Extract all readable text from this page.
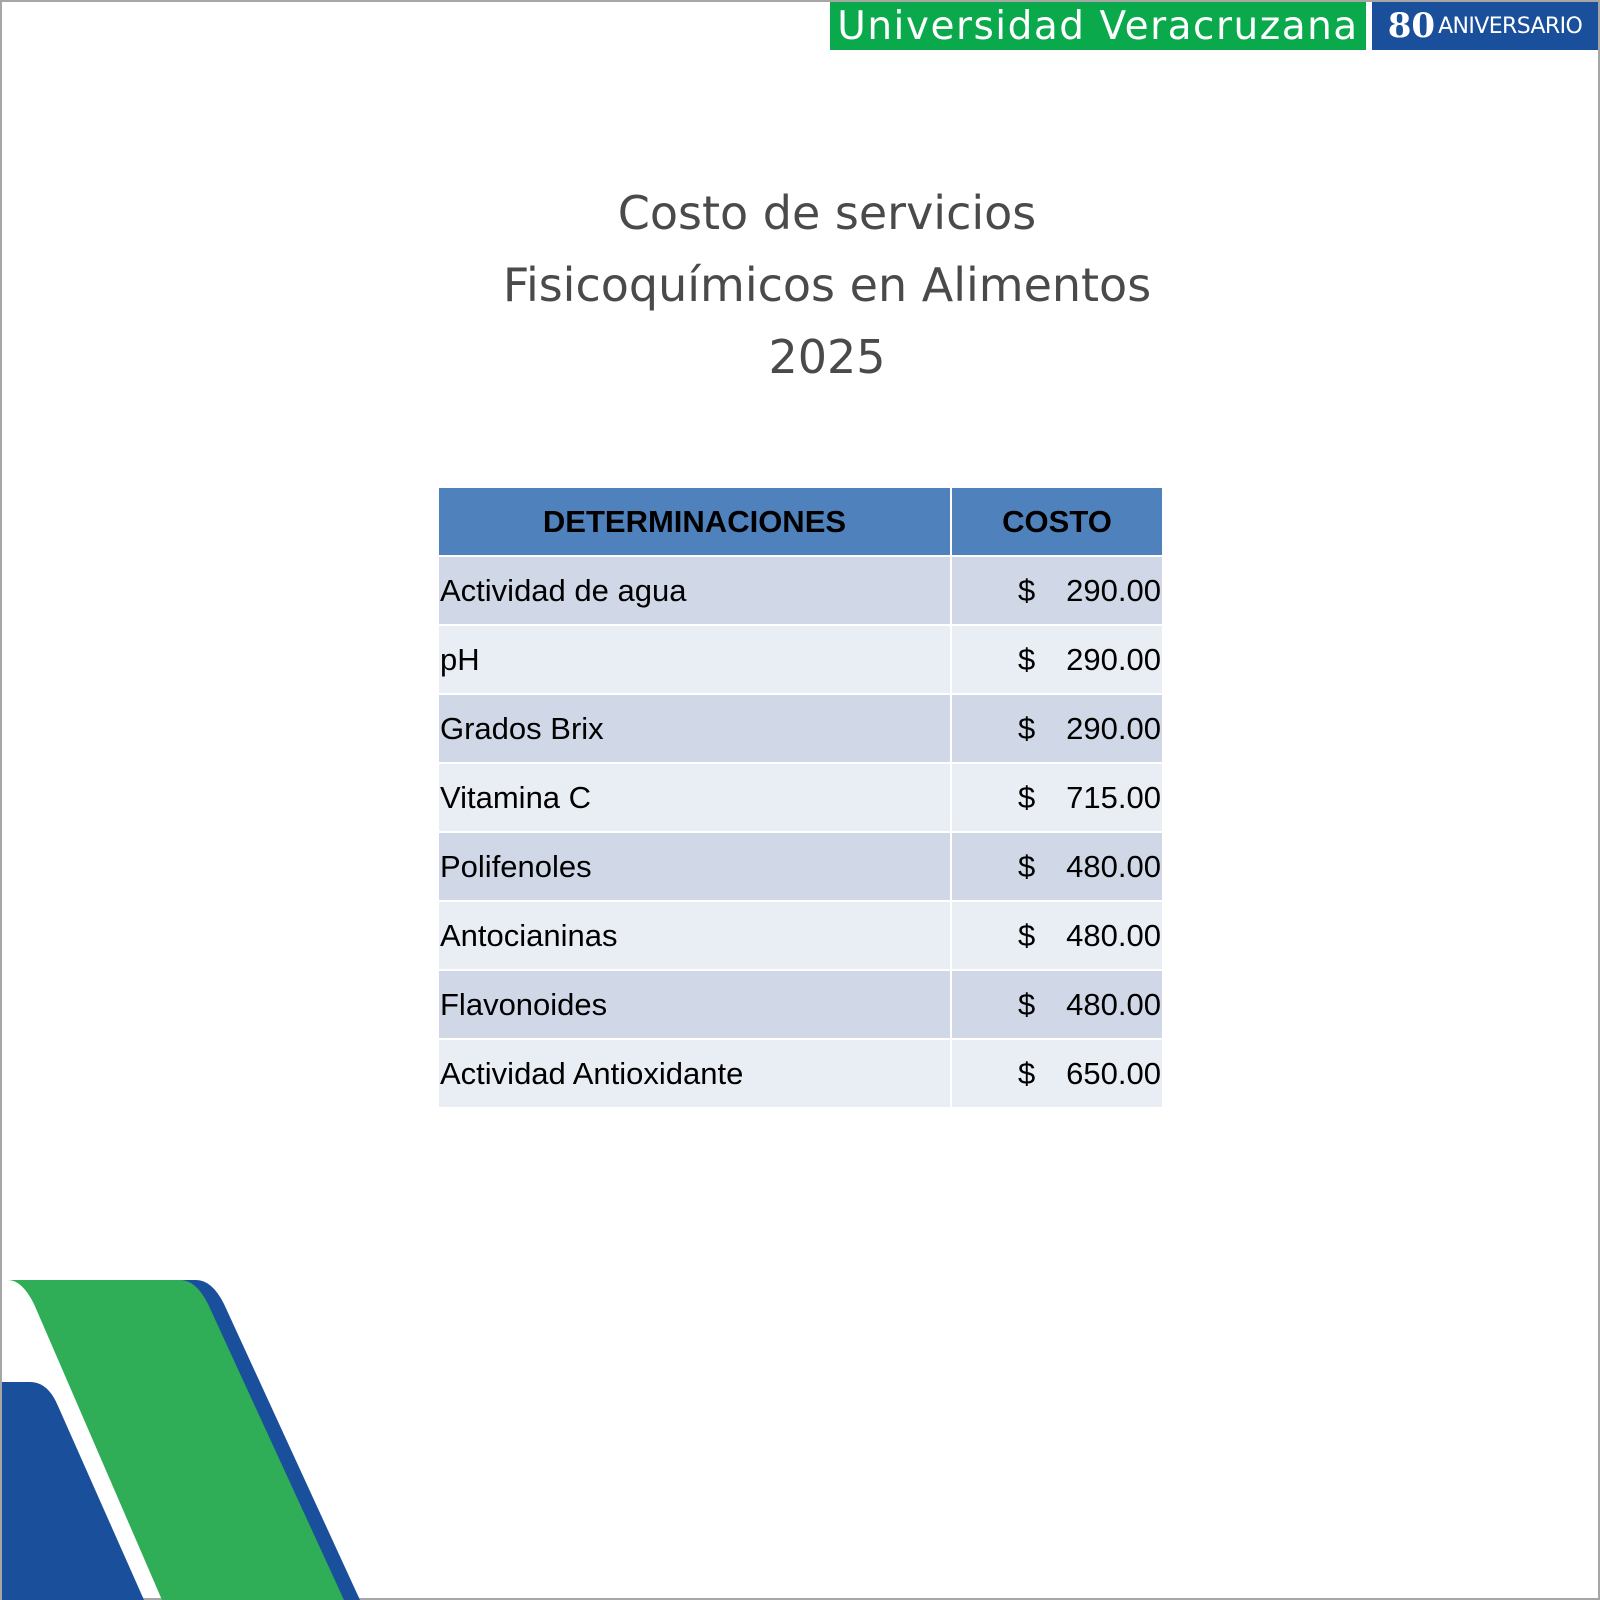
Universidad Veracruzana 80 ANIVERSARIO
Costo de servicios
Fisicoquímicos en Alimentos
2025
DETERMINACIONES	COSTO
Actividad de agua	$ 290.00

pH	$ 290.00

Grados Brix	$ 290.00

Vitamina C	$ 715.00

Polifenoles	$ 480.00

Antocianinas	$ 480.00

Flavonoides	$ 480.00

Actividad Antioxidante	$ 650.00
